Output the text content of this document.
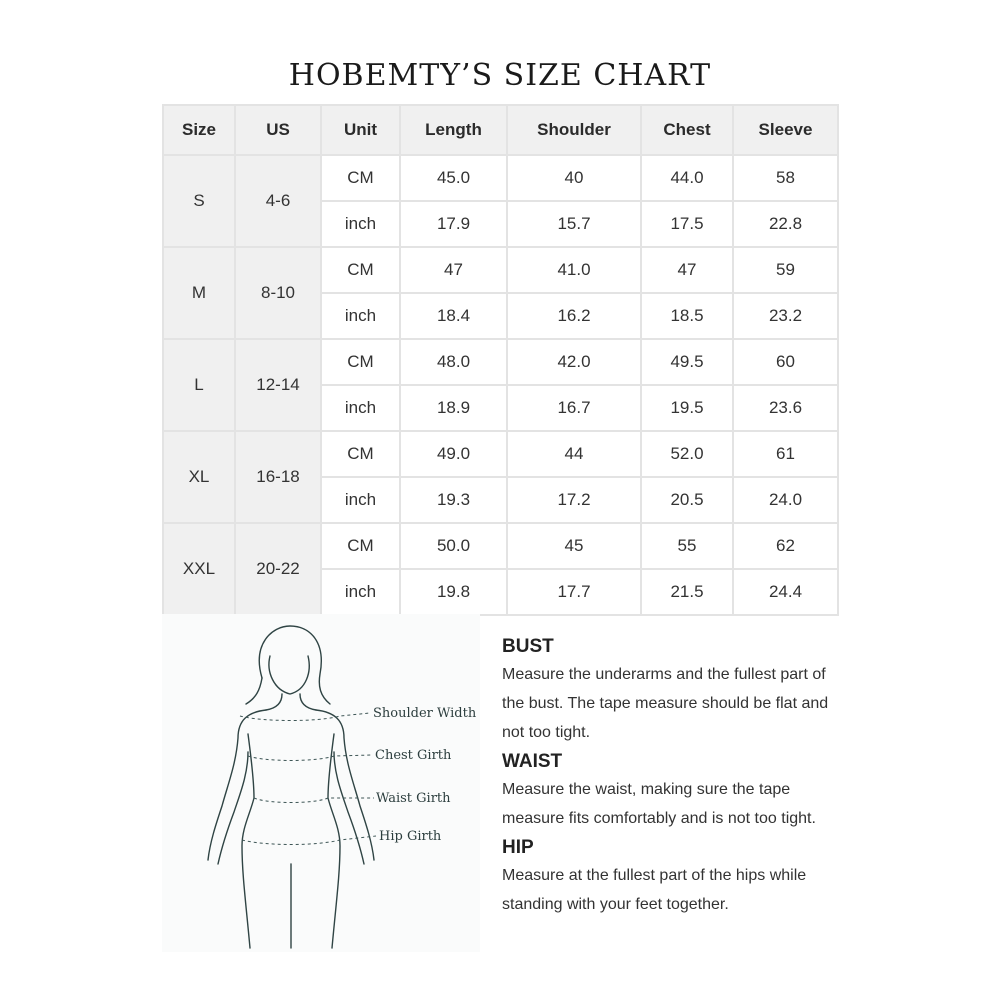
HOBEMTY’S SIZE CHART
Size	US	Unit	Length	Shoulder	Chest	Sleeve
S	4-6	CM	45.0	40	44.0	58
		inch	17.9	15.7	17.5	22.8
M	8-10	CM	47	41.0	47	59
		inch	18.4	16.2	18.5	23.2
L	12-14	CM	48.0	42.0	49.5	60
		inch	18.9	16.7	19.5	23.6
XL	16-18	CM	49.0	44	52.0	61
		inch	19.3	17.2	20.5	24.0
XXL	20-22	CM	50.0	45	55	62
		inch	19.8	17.7	21.5	24.4
Shoulder Width
Chest Girth
Waist Girth
Hip Girth
BUST

Measure the underarms and the fullest part of the bust. The tape measure should be flat and not too tight.

WAIST

Measure the waist, making sure the tape measure fits comfortably and is not too tight.

HIP

Measure at the fullest part of the hips while standing with your feet together.
